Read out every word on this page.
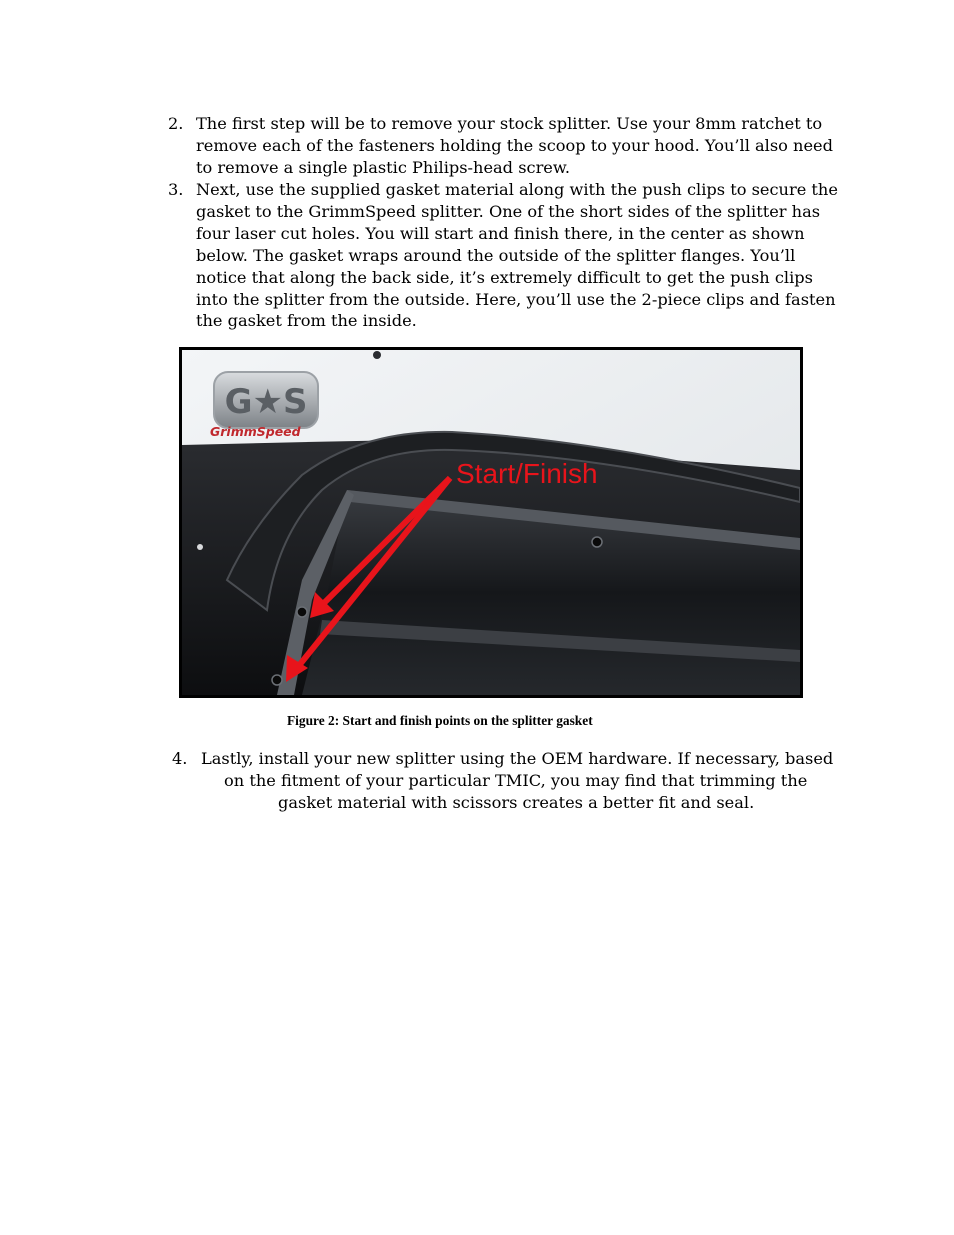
2. The first step will be to remove your stock splitter. Use your 8mm ratchet to
remove each of the fasteners holding the scoop to your hood. You’ll also need
to remove a single plastic Philips-head screw.
3. Next, use the supplied gasket material along with the push clips to secure the
gasket to the GrimmSpeed splitter. One of the short sides of the splitter has
four laser cut holes. You will start and finish there, in the center as shown
below. The gasket wraps around the outside of the splitter flanges. You’ll
notice that along the back side, it’s extremely difficult to get the push clips
into the splitter from the outside. Here, you’ll use the 2-piece clips and fasten
the gasket from the inside.
G★S
GrimmSpeed
Start/Finish
Figure 2: Start and finish points on the splitter gasket
4. Lastly, install your new splitter using the OEM hardware. If necessary, based
on the fitment of your particular TMIC, you may find that trimming the
gasket material with scissors creates a better fit and seal.
